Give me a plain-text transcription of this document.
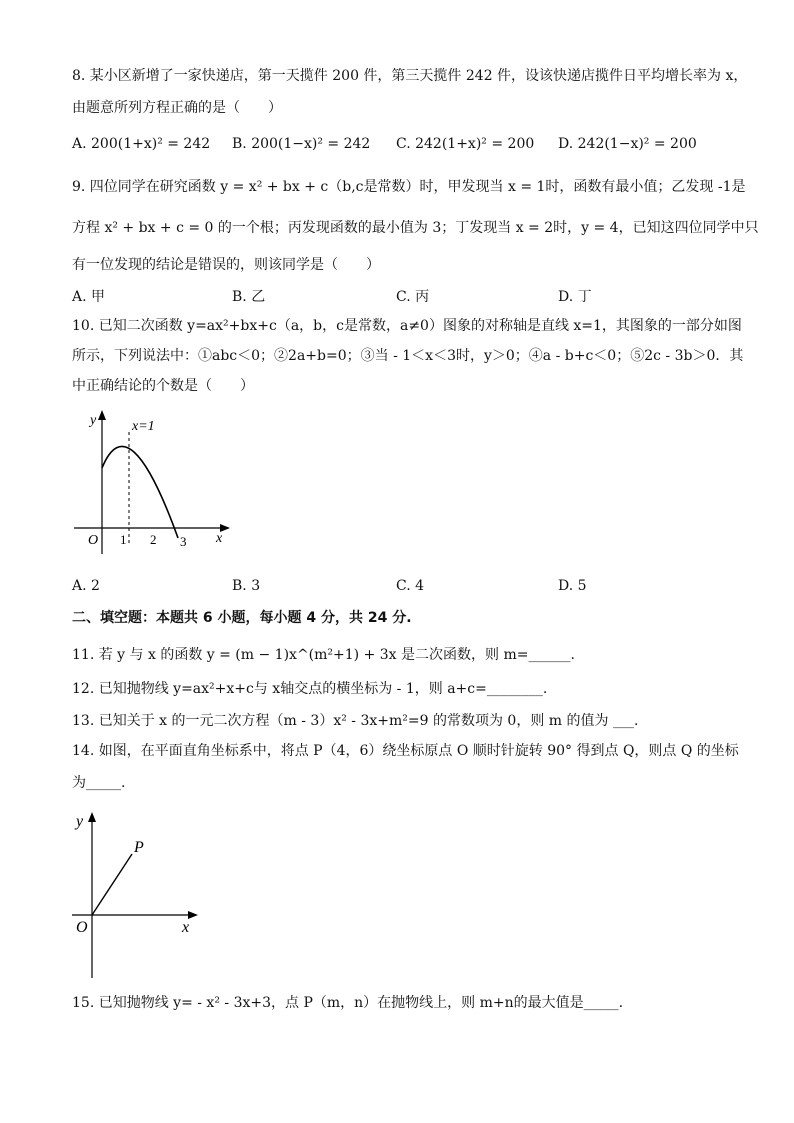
8. 某小区新增了一家快递店，第一天揽件 200 件，第三天揽件 242 件，设该快递店揽件日平均增长率为 x，
由题意所列方程正确的是（　　）
A. 200(1+x)² = 242 B. 200(1−x)² = 242 C. 242(1+x)² = 200 D. 242(1−x)² = 200
9. 四位同学在研究函数 y = x² + bx + c（b,c是常数）时，甲发现当 x = 1时，函数有最小值；乙发现 -1是
方程 x² + bx + c = 0 的一个根；丙发现函数的最小值为 3；丁发现当 x = 2时，y = 4，已知这四位同学中只
有一位发现的结论是错误的，则该同学是（　　）
A. 甲	B. 乙	C. 丙	D. 丁
10. 已知二次函数 y=ax²+bx+c（a，b，c是常数，a≠0）图象的对称轴是直线 x=1，其图象的一部分如图
所示，下列说法中：①abc＜0；②2a+b=0；③当 - 1＜x＜3时，y＞0；④a - b+c＜0；⑤2c - 3b＞0．其
中正确结论的个数是（　　）
y	x=1
O 1 2 3 x
A. 2	B. 3	C. 4	D. 5
二、填空题：本题共 6 小题，每小题 4 分，共 24 分.
11. 若 y 与 x 的函数 y = (m − 1)x^(m²+1) + 3x 是二次函数，则 m=______.
12. 已知抛物线 y=ax²+x+c与 x轴交点的横坐标为 - 1，则 a+c=________.
13. 已知关于 x 的一元二次方程（m - 3）x² - 3x+m²=9 的常数项为 0，则 m 的值为 ___.
14. 如图，在平面直角坐标系中，将点 P（4，6）绕坐标原点 O 顺时针旋转 90° 得到点 Q，则点 Q 的坐标
为_____.
y
P
O	x
15. 已知抛物线 y= - x² - 3x+3，点 P（m，n）在抛物线上，则 m+n的最大值是_____.
